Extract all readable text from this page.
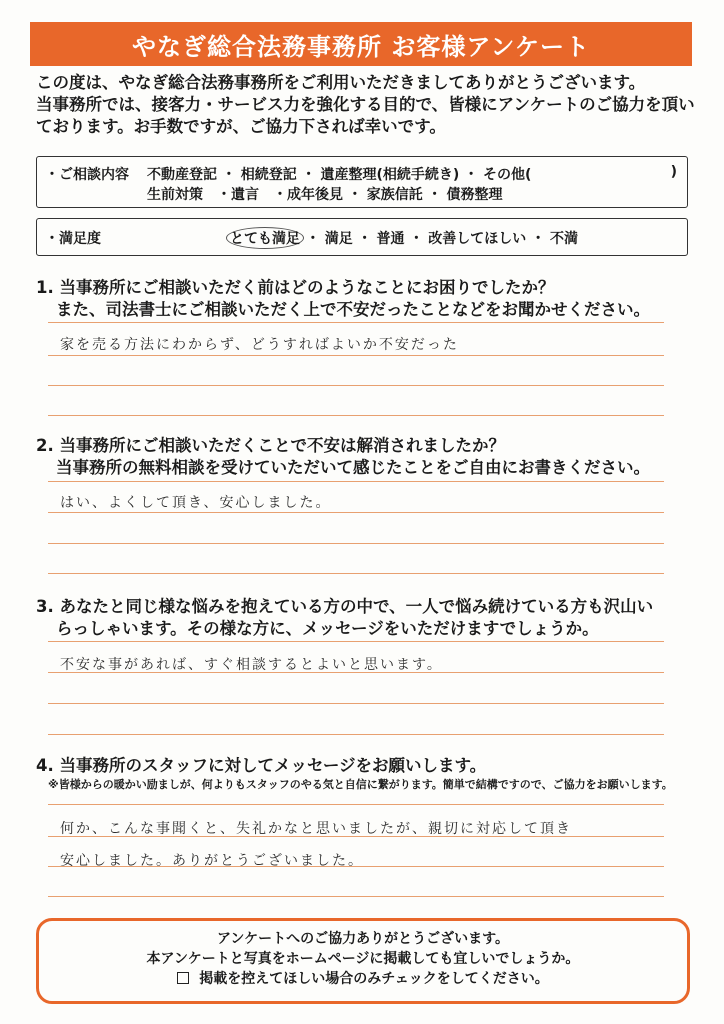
やなぎ総合法務事務所 お客様アンケート
この度は、やなぎ総合法務事務所をご利用いただきましてありがとうございます。
当事務所では、接客力・サービス力を強化する目的で、皆様にアンケートのご協力を頂い
ております。お手数ですが、ご協力下されば幸いです。
・ご相談内容 不動産登記 ・ 相続登記 ・ 遺産整理(相続手続き) ・ その他(	)
生前対策　・遺言　・成年後見 ・ 家族信託 ・ 債務整理
・満足度	とても満足 ・ 満足 ・ 普通 ・ 改善してほしい ・ 不満
1. 当事務所にご相談いただく前はどのようなことにお困りでしたか？
また、司法書士にご相談いただく上で不安だったことなどをお聞かせください。
家を売る方法にわからず、どうすればよいか不安だった
2. 当事務所にご相談いただくことで不安は解消されましたか？
当事務所の無料相談を受けていただいて感じたことをご自由にお書きください。
はい、よくして頂き、安心しました。
3. あなたと同じ様な悩みを抱えている方の中で、一人で悩み続けている方も沢山い
らっしゃいます。その様な方に、メッセージをいただけますでしょうか。
不安な事があれば、すぐ相談するとよいと思います。
4. 当事務所のスタッフに対してメッセージをお願いします。
※皆様からの暖かい励ましが、何よりもスタッフのやる気と自信に繋がります。簡単で結構ですので、ご協力をお願いします。
何か、こんな事聞くと、失礼かなと思いましたが、親切に対応して頂き
安心しました。ありがとうございました。
アンケートへのご協力ありがとうございます。
本アンケートと写真をホームページに掲載しても宜しいでしょうか。
掲載を控えてほしい場合のみチェックをしてください。
